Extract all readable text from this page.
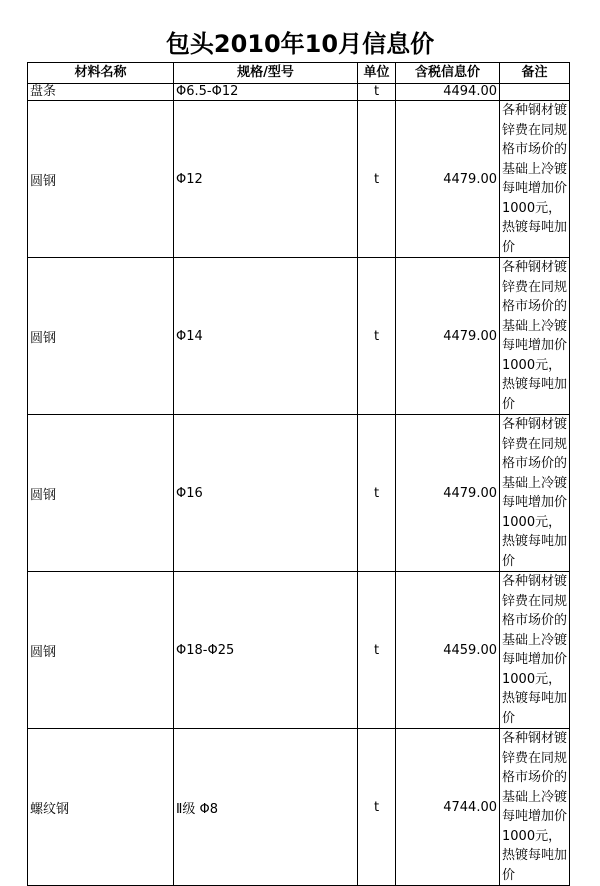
包头2010年10月信息价
材料名称	规格/型号	单位	含税信息价	备注
盘条	Φ6.5-Φ12	t	4494.00	
圆钢	Φ12	t	4479.00	各种钢材镀锌费在同规格市场价的基础上冷镀每吨增加价1000元，热镀每吨加价
圆钢	Φ14	t	4479.00	各种钢材镀锌费在同规格市场价的基础上冷镀每吨增加价1000元，热镀每吨加价
圆钢	Φ16	t	4479.00	各种钢材镀锌费在同规格市场价的基础上冷镀每吨增加价1000元，热镀每吨加价
圆钢	Φ18-Φ25	t	4459.00	各种钢材镀锌费在同规格市场价的基础上冷镀每吨增加价1000元，热镀每吨加价
螺纹钢	Ⅱ级 Φ8	t	4744.00	各种钢材镀锌费在同规格市场价的基础上冷镀每吨增加价1000元，热镀每吨加价
